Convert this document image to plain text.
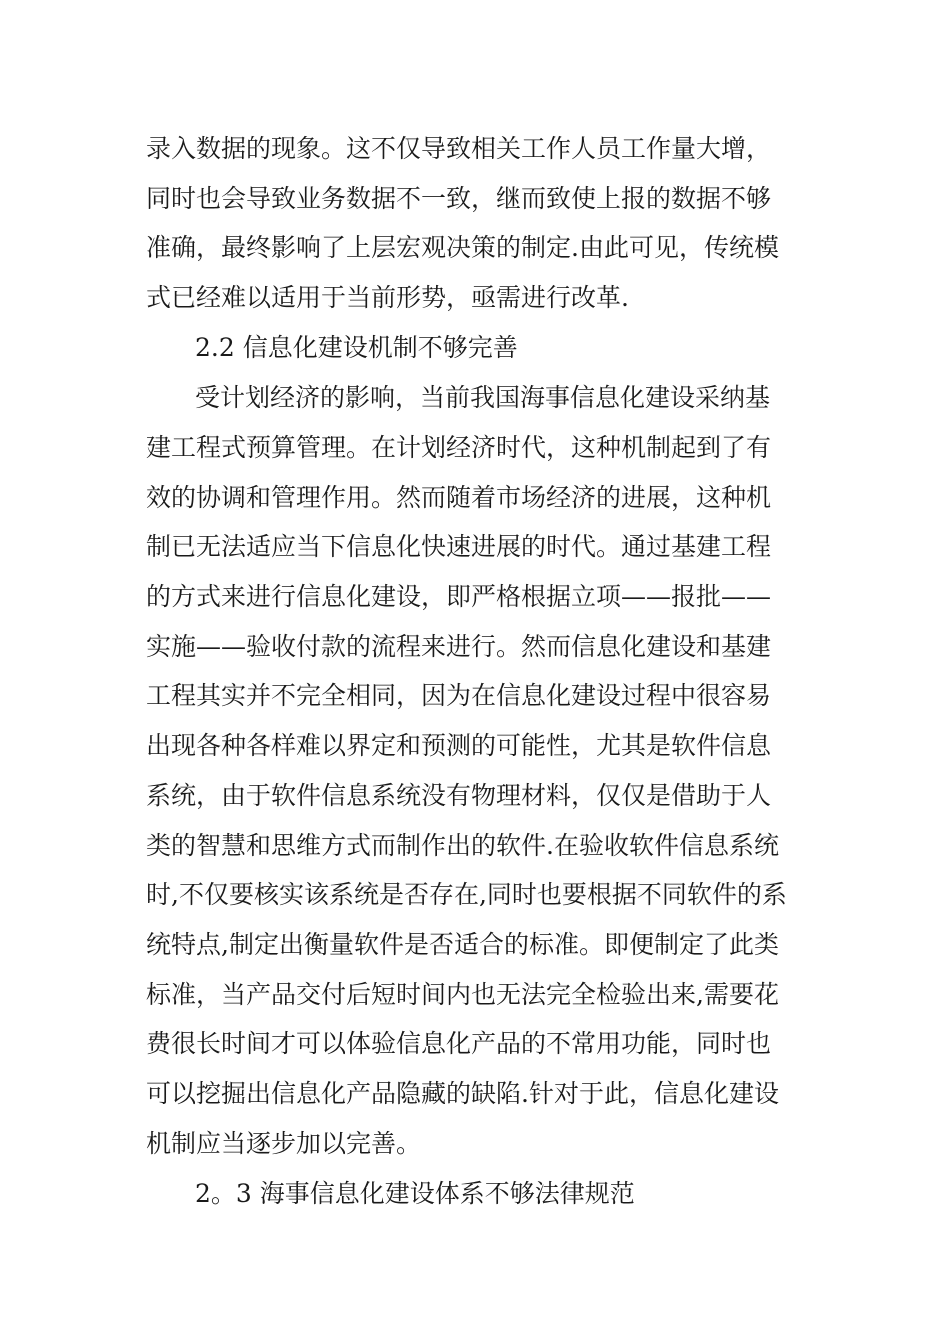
录入数据的现象。这不仅导致相关工作人员工作量大增，
同时也会导致业务数据不一致，继而致使上报的数据不够
准确，最终影响了上层宏观决策的制定.由此可见，传统模
式已经难以适用于当前形势，亟需进行改革.
2.2 信息化建设机制不够完善
受计划经济的影响，当前我国海事信息化建设采纳基
建工程式预算管理。在计划经济时代，这种机制起到了有
效的协调和管理作用。然而随着市场经济的进展，这种机
制已无法适应当下信息化快速进展的时代。通过基建工程
的方式来进行信息化建设，即严格根据立项——报批——
实施——验收付款的流程来进行。然而信息化建设和基建
工程其实并不完全相同，因为在信息化建设过程中很容易
出现各种各样难以界定和预测的可能性，尤其是软件信息
系统，由于软件信息系统没有物理材料，仅仅是借助于人
类的智慧和思维方式而制作出的软件.在验收软件信息系统
时,不仅要核实该系统是否存在,同时也要根据不同软件的系
统特点,制定出衡量软件是否适合的标准。即便制定了此类
标准，当产品交付后短时间内也无法完全检验出来,需要花
费很长时间才可以体验信息化产品的不常用功能，同时也
可以挖掘出信息化产品隐藏的缺陷.针对于此，信息化建设
机制应当逐步加以完善。
2。3 海事信息化建设体系不够法律规范
